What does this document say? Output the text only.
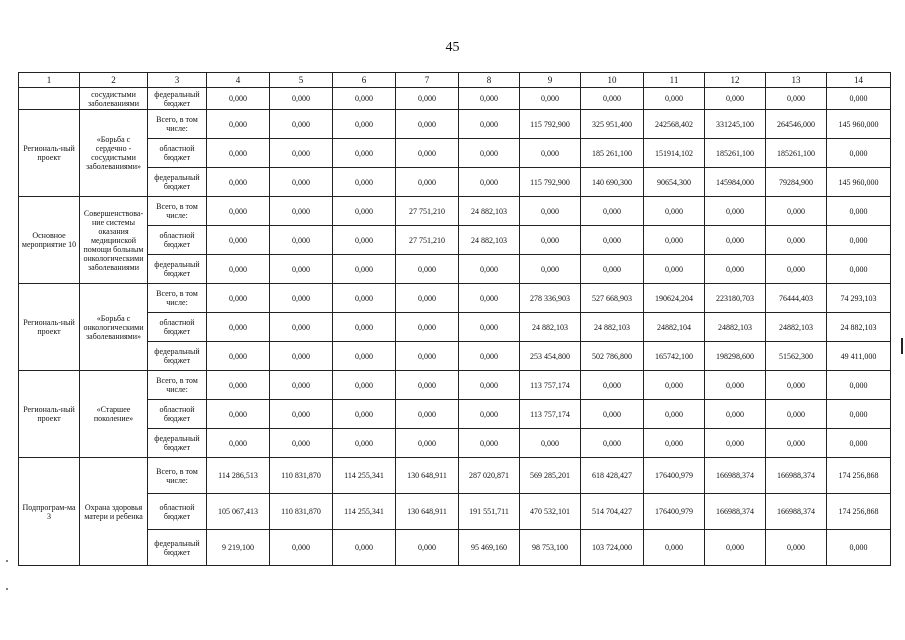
45
1	2	3	4	5	6	7	8	9	10	11	12	13	14
	сосудистыми заболеваниями	федеральный бюджет	0,000	0,000	0,000	0,000	0,000	0,000	0,000	0,000	0,000	0,000	0,000
Региональ-ный проект	«Борьба с сердечно - сосудистыми заболеваниями»	Всего, в том числе:	0,000	0,000	0,000	0,000	0,000	115 792,900	325 951,400	242568,402	331245,100	264546,000	145 960,000
		областной бюджет	0,000	0,000	0,000	0,000	0,000	0,000	185 261,100	151914,102	185261,100	185261,100	0,000
		федеральный бюджет	0,000	0,000	0,000	0,000	0,000	115 792,900	140 690,300	90654,300	145984,000	79284,900	145 960,000
Основное мероприятие 10	Совершенствова-ние системы оказания медицинской помощи больным онкологическими заболеваниями	Всего, в том числе:	0,000	0,000	0,000	27 751,210	24 882,103	0,000	0,000	0,000	0,000	0,000	0,000
		областной бюджет	0,000	0,000	0,000	27 751,210	24 882,103	0,000	0,000	0,000	0,000	0,000	0,000
		федеральный бюджет	0,000	0,000	0,000	0,000	0,000	0,000	0,000	0,000	0,000	0,000	0,000
Региональ-ный проект	«Борьба с онкологическими заболеваниями»	Всего, в том числе:	0,000	0,000	0,000	0,000	0,000	278 336,903	527 668,903	190624,204	223180,703	76444,403	74 293,103
		областной бюджет	0,000	0,000	0,000	0,000	0,000	24 882,103	24 882,103	24882,104	24882,103	24882,103	24 882,103
		федеральный бюджет	0,000	0,000	0,000	0,000	0,000	253 454,800	502 786,800	165742,100	198298,600	51562,300	49 411,000
Региональ-ный проект	«Старшее поколение»	Всего, в том числе:	0,000	0,000	0,000	0,000	0,000	113 757,174	0,000	0,000	0,000	0,000	0,000
		областной бюджет	0,000	0,000	0,000	0,000	0,000	113 757,174	0,000	0,000	0,000	0,000	0,000
		федеральный бюджет	0,000	0,000	0,000	0,000	0,000	0,000	0,000	0,000	0,000	0,000	0,000
Подпрограм-ма 3	Охрана здоровья матери и ребенка	Всего, в том числе:	114 286,513	110 831,870	114 255,341	130 648,911	287 020,871	569 285,201	618 428,427	176400,979	166988,374	166988,374	174 256,868
		областной бюджет	105 067,413	110 831,870	114 255,341	130 648,911	191 551,711	470 532,101	514 704,427	176400,979	166988,374	166988,374	174 256,868
		федеральный бюджет	9 219,100	0,000	0,000	0,000	95 469,160	98 753,100	103 724,000	0,000	0,000	0,000	0,000
